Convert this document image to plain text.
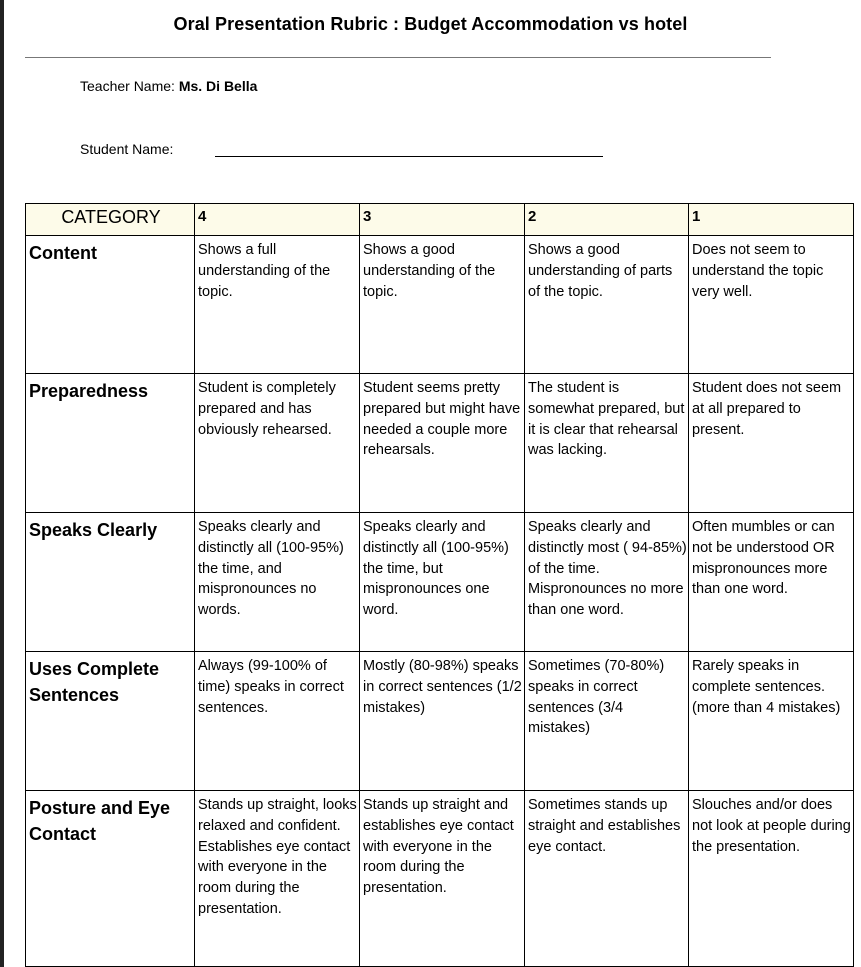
Oral Presentation Rubric : Budget Accommodation vs hotel
Teacher Name: Ms. Di Bella
Student Name:
CATEGORY	4	3	2	1
Content	Shows a full understanding of the topic.	Shows a good understanding of the topic.	Shows a good understanding of parts of the topic.	Does not seem to understand the topic very well.
Preparedness	Student is completely prepared and has obviously rehearsed.	Student seems pretty prepared but might have needed a couple more rehearsals.	The student is somewhat prepared, but it is clear that rehearsal was lacking.	Student does not seem at all prepared to present.
Speaks Clearly	Speaks clearly and distinctly all (100-95%) the time, and mispronounces no words.	Speaks clearly and distinctly all (100-95%) the time, but mispronounces one word.	Speaks clearly and distinctly most ( 94-85%) of the time. Mispronounces no more than one word.	Often mumbles or can not be understood OR mispronounces more than one word.
Uses Complete Sentences	Always (99-100% of time) speaks in correct sentences.	Mostly (80-98%) speaks in correct sentences (1/2 mistakes)	Sometimes (70-80%) speaks in correct sentences (3/4 mistakes)	Rarely speaks in complete sentences. (more than 4 mistakes)
Posture and Eye Contact	Stands up straight, looks relaxed and confident. Establishes eye contact with everyone in the room during the presentation.	Stands up straight and establishes eye contact with everyone in the room during the presentation.	Sometimes stands up straight and establishes eye contact.	Slouches and/or does not look at people during the presentation.
